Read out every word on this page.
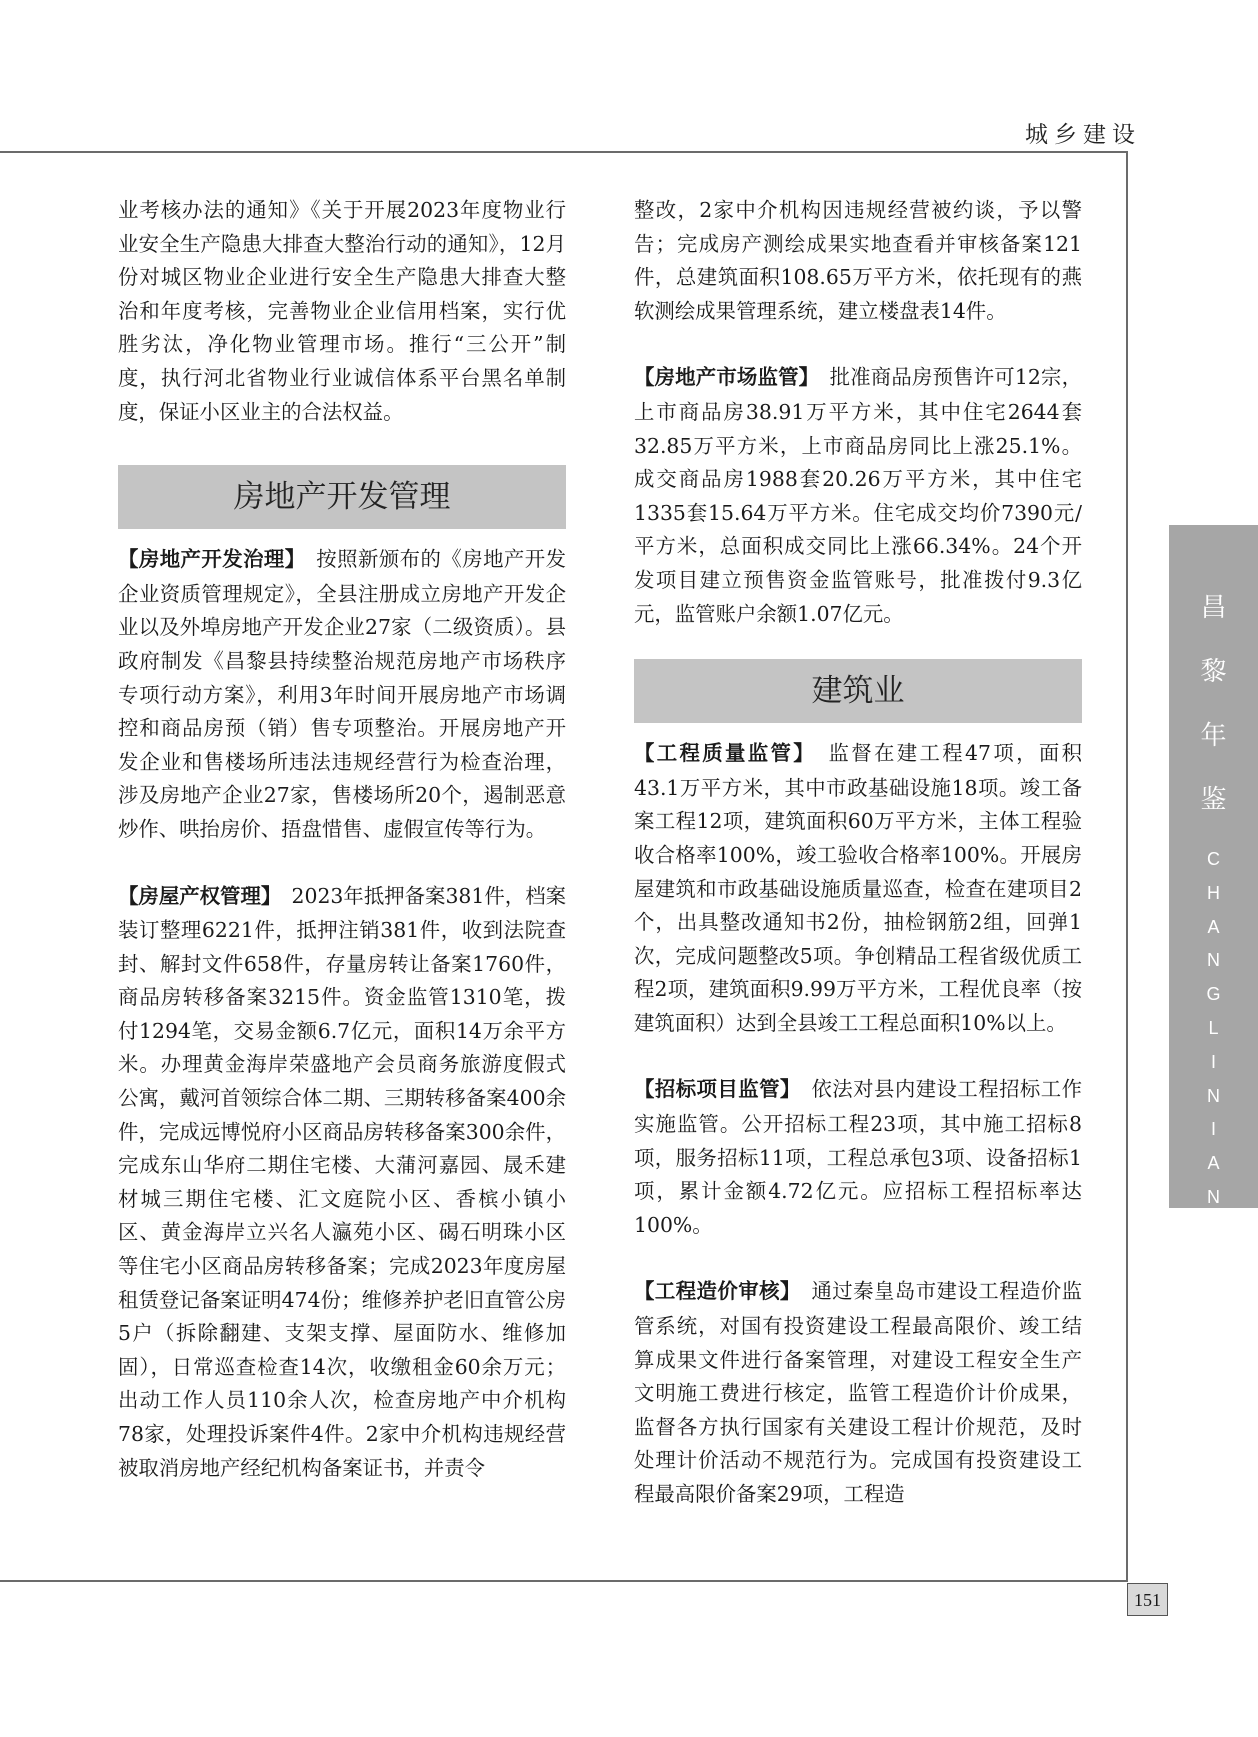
城乡建设
151
昌
黎
年
鉴
C
H
A
N
G
L
I
N
I
A
N
J
I
A
N

业考核办法的通知》《关于开展2023年度物业行业安全生产隐患大排查大整治行动的通知》，12月份对城区物业企业进行安全生产隐患大排查大整治和年度考核，完善物业企业信用档案，实行优胜劣汰，净化物业管理市场。推行“三公开”制度，执行河北省物业行业诚信体系平台黑名单制度，保证小区业主的合法权益。

房地产开发管理

【房地产开发治理】　 按照新颁布的《房地产开发企业资质管理规定》，全县注册成立房地产开发企业以及外埠房地产开发企业27家（二级资质）。县政府制发《昌黎县持续整治规范房地产市场秩序专项行动方案》，利用3年时间开展房地产市场调控和商品房预（销）售专项整治。开展房地产开发企业和售楼场所违法违规经营行为检查治理，涉及房地产企业27家，售楼场所20个，遏制恶意炒作、哄抬房价、捂盘惜售、虚假宣传等行为。

【房屋产权管理】　 2023年抵押备案381件，档案装订整理6221件，抵押注销381件，收到法院查封、解封文件658件，存量房转让备案1760件，商品房转移备案3215件。资金监管1310笔，拨付1294笔，交易金额6.7亿元，面积14万余平方米。办理黄金海岸荣盛地产会员商务旅游度假式公寓，戴河首领综合体二期、三期转移备案400余件，完成远博悦府小区商品房转移备案300余件，完成东山华府二期住宅楼、大蒲河嘉园、晟禾建材城三期住宅楼、汇文庭院小区、香槟小镇小区、黄金海岸立兴名人瀛苑小区、碣石明珠小区等住宅小区商品房转移备案；完成2023年度房屋租赁登记备案证明474份；维修养护老旧直管公房5户（拆除翻建、支架支撑、屋面防水、维修加固），日常巡查检查14次，收缴租金60余万元；出动工作人员110余人次，检查房地产中介机构78家，处理投诉案件4件。2家中介机构违规经营被取消房地产经纪机构备案证书，并责令

整改，2家中介机构因违规经营被约谈，予以警告；完成房产测绘成果实地查看并审核备案121件，总建筑面积108.65万平方米，依托现有的燕软测绘成果管理系统，建立楼盘表14件。

【房地产市场监管】　 批准商品房预售许可12宗，上市商品房38.91万平方米，其中住宅2644套32.85万平方米，上市商品房同比上涨25.1%。成交商品房1988套20.26万平方米，其中住宅1335套15.64万平方米。住宅成交均价7390元/平方米，总面积成交同比上涨66.34%。24个开发项目建立预售资金监管账号，批准拨付9.3亿元，监管账户余额1.07亿元。

建筑业

【工程质量监管】　 监督在建工程47项，面积43.1万平方米，其中市政基础设施18项。竣工备案工程12项，建筑面积60万平方米，主体工程验收合格率100%，竣工验收合格率100%。开展房屋建筑和市政基础设施质量巡查，检查在建项目2个，出具整改通知书2份，抽检钢筋2组，回弹1次，完成问题整改5项。争创精品工程省级优质工程2项，建筑面积9.99万平方米，工程优良率（按建筑面积）达到全县竣工工程总面积10%以上。

【招标项目监管】　 依法对县内建设工程招标工作实施监管。公开招标工程23项，其中施工招标8项，服务招标11项，工程总承包3项、设备招标1项，累计金额4.72亿元。应招标工程招标率达100%。

【工程造价审核】　 通过秦皇岛市建设工程造价监管系统，对国有投资建设工程最高限价、竣工结算成果文件进行备案管理，对建设工程安全生产文明施工费进行核定，监管工程造价计价成果，监督各方执行国家有关建设工程计价规范，及时处理计价活动不规范行为。完成国有投资建设工程最高限价备案29项，工程造
